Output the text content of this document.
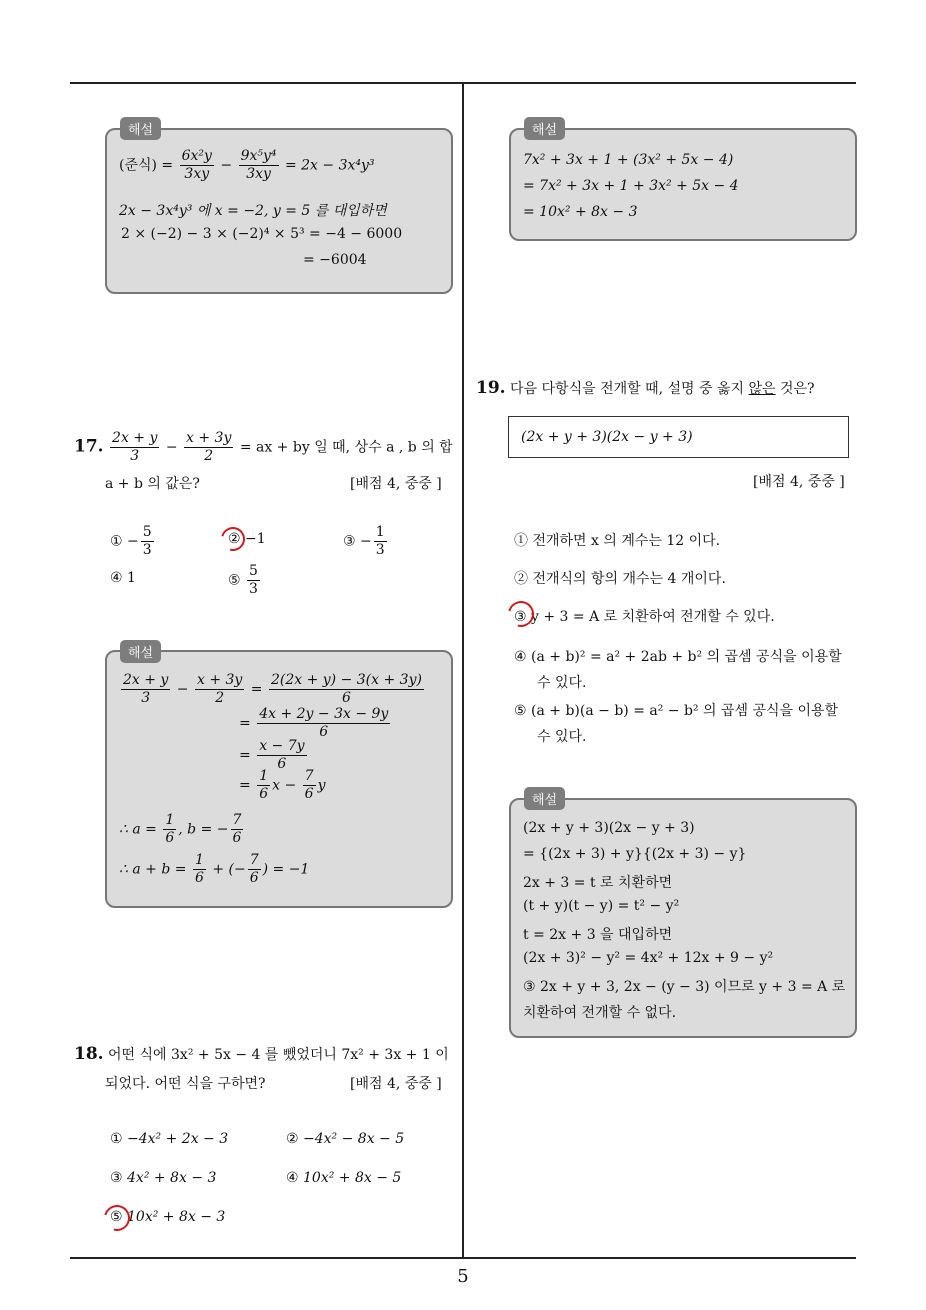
5
(준식) = $\frac{\text{6x²y}}{3xy} - \frac{\text{9x⁵y⁴}}{3xy} = 2x - 3x^4y^3$
2x − 3x⁴y³ 에 x = −2, y = 5 를 대입하면
2 × (−2) − 3 × (−2)⁴ × 5³ = −4 − 6000
= −6004
해설
17. $\frac{2x + y}{3} - \frac{x + 3y}{2}$ = ax + by 일 때, 상수 a , b 의 합
a + b 의 값은?	[배점 4, 중중 ]
① − $\frac{5}{3}$	② −1	③ − $\frac{1}{3}$
④ 1	⑤ $\frac{5}{3}$
$\frac{2x + y}{3} - \frac{x + 3y}{2} = \frac{2(2x + y) - 3(x + 3y)}{6}$
= $\frac{4x + 2y - 3x - 9y}{6}$
= $\frac{x - 7y}{6}$
= $\frac{1}{6}$ $x - \frac{7}{6}$ y
∴ $a = \frac{1}{6}$ , b = − $\frac{7}{6}$
∴ $a + b = \frac{1}{6}$ + (− $\frac{7}{6}$ ) = −1
해설
18. 어떤 식에 3x² + 5x − 4 를 뺐었더니 7x² + 3x + 1 이
되었다. 어떤 식을 구하면?	[배점 4, 중중 ]
① −4x² + 2x − 3	② −4x² − 8x − 5
③ 4x² + 8x − 3	④ 10x² + 8x − 5
⑤ 10x² + 8x − 3
7x² + 3x + 1 + (3x² + 5x − 4)
= 7x² + 3x + 1 + 3x² + 5x − 4
= 10x² + 8x − 3
해설
19. 다음 다항식을 전개할 때, 설명 중 옳지 않은 것은?
(2x + y + 3)(2x − y + 3)
[배점 4, 중중 ]
① 전개하면 x 의 계수는 12 이다.
② 전개식의 항의 개수는 4 개이다.
③ y + 3 = A 로 치환하여 전개할 수 있다.
④ (a + b)² = a² + 2ab + b² 의 곱셈 공식을 이용할
수 있다.
⑤ (a + b)(a − b) = a² − b² 의 곱셈 공식을 이용할
수 있다.
(2x + y + 3)(2x − y + 3)
= {(2x + 3) + y}{(2x + 3) − y}
2x + 3 = t 로 치환하면
(t + y)(t − y) = t² − y²
t = 2x + 3 을 대입하면
(2x + 3)² − y² = 4x² + 12x + 9 − y²
③ 2x + y + 3, 2x − (y − 3) 이므로 y + 3 = A 로
치환하여 전개할 수 없다.
해설
